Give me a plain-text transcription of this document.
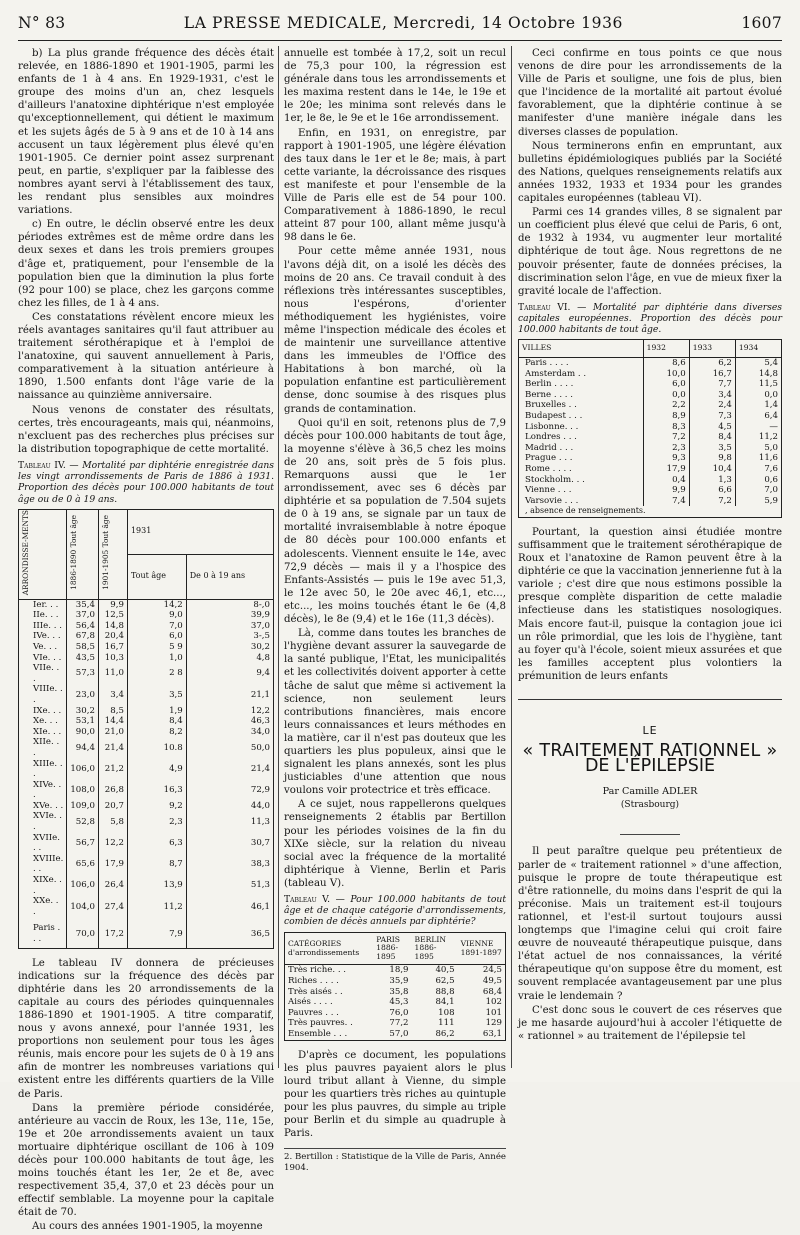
N° 83	LA PRESSE MEDICALE, Mercredi, 14 Octobre 1936	1607

b) La plus grande fréquence des décès était relevée, en 1886-1890 et 1901-1905, parmi les enfants de 1 à 4 ans. En 1929-1931, c'est le groupe des moins d'un an, chez lesquels d'ailleurs l'anatoxine diphtérique n'est employée qu'exceptionnellement, qui détient le maximum et les sujets âgés de 5 à 9 ans et de 10 à 14 ans accusent un taux légèrement plus élevé qu'en 1901-1905. Ce dernier point assez surprenant peut, en partie, s'expliquer par la faiblesse des nombres ayant servi à l'établissement des taux, les rendant plus sensibles aux moindres variations.

c) En outre, le déclin observé entre les deux périodes extrêmes est de même ordre dans les deux sexes et dans les trois premiers groupes d'âge et, pratiquement, pour l'ensemble de la population bien que la diminution la plus forte (92 pour 100) se place, chez les garçons comme chez les filles, de 1 à 4 ans.

Ces constatations révèlent encore mieux les réels avantages sanitaires qu'il faut attribuer au traitement sérothérapique et à l'emploi de l'anatoxine, qui sauvent annuellement à Paris, comparativement à la situation antérieure à 1890, 1.500 enfants dont l'âge varie de la naissance au quinzième anniversaire.

Nous venons de constater des résultats, certes, très encourageants, mais qui, néanmoins, n'excluent pas des recherches plus précises sur la distribution topographique de cette mortalité.

Tableau IV. — Mortalité par diphtérie enregistrée dans les vingt arrondissements de Paris de 1886 à 1931. Proportion des décès pour 100.000 habitants de tout âge ou de 0 à 19 ans.

ARRONDISSE-MENTS	1886-1890 Tout âge	1901-1905 Tout âge	1931	
			Tout âge	De 0 à 19 ans
Ier. . .	35,4	9,9	14,2	8-,0
IIe. . .	37,0	12,5	9,0	39,9
IIIe. . .	56,4	14,8	7,0	37,0
IVe. . .	67,8	20,4	6,0	3-,5
Ve. . .	58,5	16,7	5 9	30,2
VIe. . .	43,5	10,3	1,0	4,8
VIIe. . .	57,3	11,0	2 8	9,4
VIIIe. . .	23,0	3,4	3,5	21,1
IXe. . .	30,2	8,5	1,9	12,2
Xe. . .	53,1	14,4	8,4	46,3
XIe. . .	90,0	21,0	8,2	34,0
XIIe. . .	94,4	21,4	10.8	50,0
XIIIe. . .	106,0	21,2	4,9	21,4
XIVe. . .	108,0	26,8	16,3	72,9
XVe. . .	109,0	20,7	9,2	44,0
XVIe. . .	52,8	5,8	2,3	11,3
XVIIe. . .	56,7	12,2	6,3	30,7
XVIIIe. . .	65,6	17,9	8,7	38,3
XIXe. . .	106,0	26,4	13,9	51,3
XXe. . .	104,0	27,4	11,2	46,1
Paris . . .	70,0	17,2	7,9	36,5

Le tableau IV donnera de précieuses indications sur la fréquence des décès par diphtérie dans les 20 arrondissements de la capitale au cours des périodes quinquennales 1886-1890 et 1901-1905. A titre comparatif, nous y avons annexé, pour l'année 1931, les proportions non seulement pour tous les âges réunis, mais encore pour les sujets de 0 à 19 ans afin de montrer les nombreuses variations qui existent entre les différents quartiers de la Ville de Paris.

Dans la première période considérée, antérieure au vaccin de Roux, les 13e, 11e, 15e, 19e et 20e arrondissements avaient un taux mortuaire diphtérique oscillant de 106 à 109 décès pour 100.000 habitants de tout âge, les moins touchés étant les 1er, 2e et 8e, avec respectivement 35,4, 37,0 et 23 décès pour un effectif semblable. La moyenne pour la capitale était de 70.

Au cours des années 1901-1905, la moyenne

annuelle est tombée à 17,2, soit un recul de 75,3 pour 100, la régression est générale dans tous les arrondissements et les maxima restent dans le 14e, le 19e et le 20e; les minima sont relevés dans le 1er, le 8e, le 9e et le 16e arrondissement.

Enfin, en 1931, on enregistre, par rapport à 1901-1905, une légère élévation des taux dans le 1er et le 8e; mais, à part cette variante, la décroissance des risques est manifeste et pour l'ensemble de la Ville de Paris elle est de 54 pour 100. Comparativement à 1886-1890, le recul atteint 87 pour 100, allant même jusqu'à 98 dans le 6e.

Pour cette même année 1931, nous l'avons déjà dit, on a isolé les décès des moins de 20 ans. Ce travail conduit à des réflexions très intéressantes susceptibles, nous l'espérons, d'orienter méthodiquement les hygiénistes, voire même l'inspection médicale des écoles et de maintenir une surveillance attentive dans les immeubles de l'Office des Habitations à bon marché, où la population enfantine est particulièrement dense, donc soumise à des risques plus grands de contamination.

Quoi qu'il en soit, retenons plus de 7,9 décès pour 100.000 habitants de tout âge, la moyenne s'élève à 36,5 chez les moins de 20 ans, soit près de 5 fois plus. Remarquons aussi que le 1er arrondissement, avec ses 6 décès par diphtérie et sa population de 7.504 sujets de 0 à 19 ans, se signale par un taux de mortalité invraisemblable à notre époque de 80 décès pour 100.000 enfants et adolescents. Viennent ensuite le 14e, avec 72,9 décès — mais il y a l'hospice des Enfants-Assistés — puis le 19e avec 51,3, le 12e avec 50, le 20e avec 46,1, etc..., etc..., les moins touchés étant le 6e (4,8 décès), le 8e (9,4) et le 16e (11,3 décès).

Là, comme dans toutes les branches de l'hygiène devant assurer la sauvegarde de la santé publique, l'Etat, les municipalités et les collectivités doivent apporter à cette tâche de salut que même si activement la science, non seulement leurs contributions financières, mais encore leurs connaissances et leurs méthodes en la matière, car il n'est pas douteux que les quartiers les plus populeux, ainsi que le signalent les plans annexés, sont les plus justiciables d'une attention que nous voulons voir protectrice et très efficace.

A ce sujet, nous rappellerons quelques renseignements 2 établis par Bertillon pour les périodes voisines de la fin du XIXe siècle, sur la relation du niveau social avec la fréquence de la mortalité diphtérique à Vienne, Berlin et Paris (tableau V).

Tableau V. — Pour 100.000 habitants de tout âge et de chaque catégorie d'arrondissements, combien de décès annuels par diphtérie?

CATÉGORIES d'arrondissements	PARIS 1886-1895	BERLIN 1886-1895	VIENNE 1891-1897
Très riche. . .	18,9	40,5	24,5
Riches . . . .	35,9	62,5	49,5
Très aisés . .	35,8	88,8	68,4
Aisés . . . .	45,3	84,1	102
Pauvres . . .	76,0	108	101
Très pauvres. .	77,2	111	129
Ensemble . . .	57,0	86,2	63,1

D'après ce document, les populations les plus pauvres payaient alors le plus lourd tribut allant à Vienne, du simple pour les quartiers très riches au quintuple pour les plus pauvres, du simple au triple pour Berlin et du simple au quadruple à Paris.

2. Bertillon : Statistique de la Ville de Paris, Année 1904.

Ceci confirme en tous points ce que nous venons de dire pour les arrondissements de la Ville de Paris et souligne, une fois de plus, bien que l'incidence de la mortalité ait partout évolué favorablement, que la diphtérie continue à se manifester d'une manière inégale dans les diverses classes de population.

Nous terminerons enfin en empruntant, aux bulletins épidémiologiques publiés par la Société des Nations, quelques renseignements relatifs aux années 1932, 1933 et 1934 pour les grandes capitales européennes (tableau VI).

Parmi ces 14 grandes villes, 8 se signalent par un coefficient plus élevé que celui de Paris, 6 ont, de 1932 à 1934, vu augmenter leur mortalité diphtérique de tout âge. Nous regrettons de ne pouvoir présenter, faute de données précises, la discrimination selon l'âge, en vue de mieux fixer la gravité locale de l'affection.

Tableau VI. — Mortalité par diphtérie dans diverses capitales européennes. Proportion des décès pour 100.000 habitants de tout âge.

VILLES	1932	1933	1934
Paris . . . .	8,6	6,2	5,4
Amsterdam . .	10,0	16,7	14,8
Berlin . . . .	6,0	7,7	11,5
Berne . . . .	0,0	3,4	0,0
Bruxelles . .	2,2	2,4	1,4
Budapest . . .	8,9	7,3	6,4
Lisbonne. . .	8,3	4,5	—
Londres . . .	7,2	8,4	11,2
Madrid . . .	2,3	3,5	5,0
Prague . . .	9,3	9,8	11,6
Rome . . . .	17,9	10,4	7,6
Stockholm. . .	0,4	1,3	0,6
Vienne . . .	9,9	6,6	7,0
Varsovie . . .	7,4	7,2	5,9
, absence de renseignements.			

Pourtant, la question ainsi étudiée montre suffisamment que le traitement sérothérapique de Roux et l'anatoxine de Ramon peuvent être à la diphtérie ce que la vaccination jennerienne fut à la variole ; c'est dire que nous estimons possible la presque complète disparition de cette maladie infectieuse dans les statistiques nosologiques. Mais encore faut-il, puisque la contagion joue ici un rôle primordial, que les lois de l'hygiène, tant au foyer qu'à l'école, soient mieux assurées et que les familles acceptent plus volontiers la prémunition de leurs enfants

LE
« TRAITEMENT RATIONNEL »
DE L'ÉPILEPSIE
Par Camille ADLER
(Strasbourg)

Il peut paraître quelque peu prétentieux de parler de « traitement rationnel » d'une affection, puisque le propre de toute thérapeutique est d'être rationnelle, du moins dans l'esprit de qui la préconise. Mais un traitement est-il toujours rationnel, et l'est-il surtout toujours aussi longtemps que l'imagine celui qui croit faire œuvre de nouveauté thérapeutique puisque, dans l'état actuel de nos connaissances, la vérité thérapeutique qu'on suppose être du moment, est souvent remplacée avantageusement par une plus vraie le lendemain ?

C'est donc sous le couvert de ces réserves que je me hasarde aujourd'hui à accoler l'étiquette de « rationnel » au traitement de l'épilepsie tel
